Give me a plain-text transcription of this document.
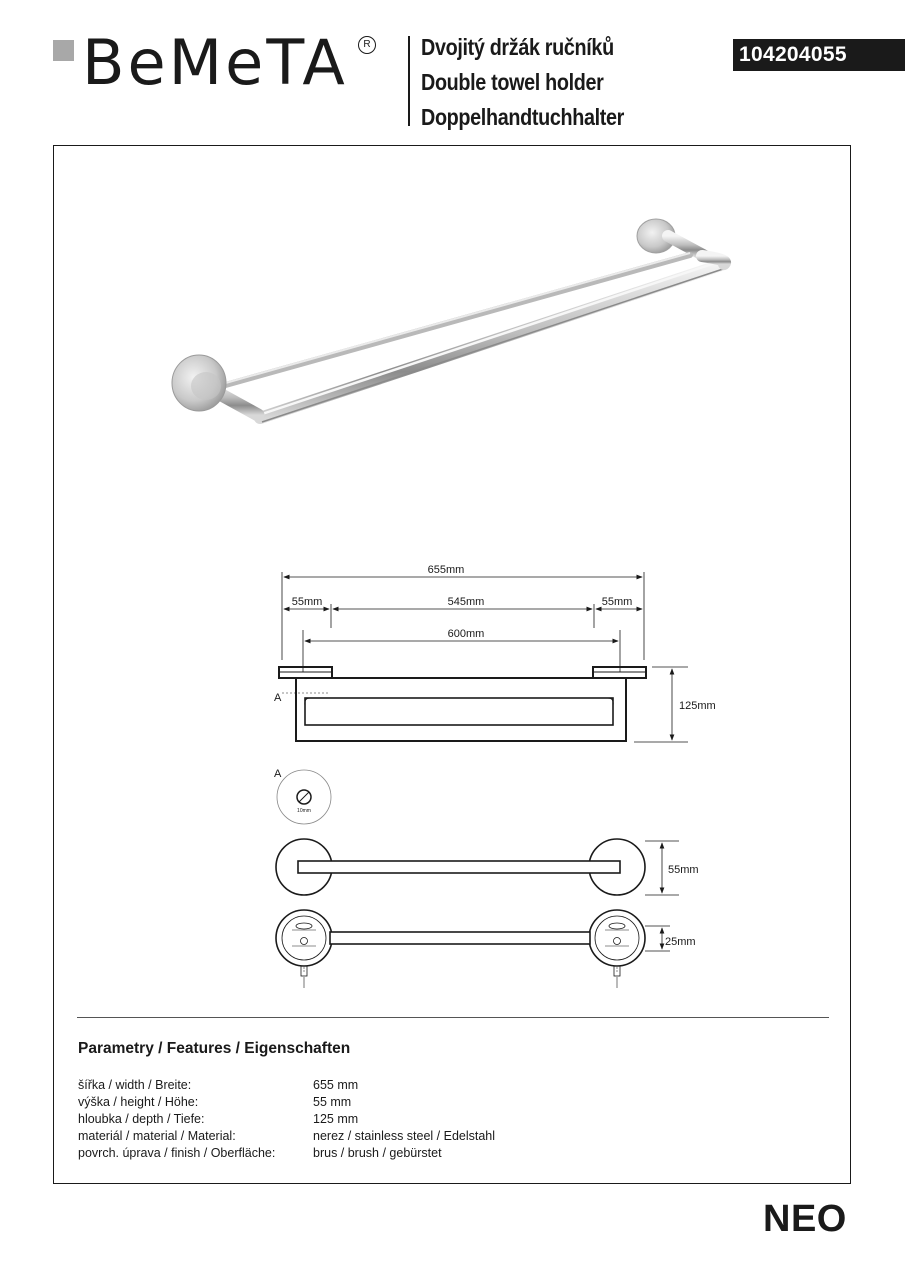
BeMeTA	R Dvojitý držák ručníků
Double towel holder
Doppelhandtuchhalter
104204055
655mm
55mm	545mm	55mm
600mm
125mm
A
A
10mm
55mm
25mm
Parametry / Features / Eigenschaften
šířka / width / Breite:	655 mm
výška / height / Höhe:	55 mm
hloubka / depth / Tiefe:	125 mm
materiál / material / Material:	nerez / stainless steel / Edelstahl
povrch. úprava / finish / Oberfläche:	brus / brush / gebürstet
NEO
